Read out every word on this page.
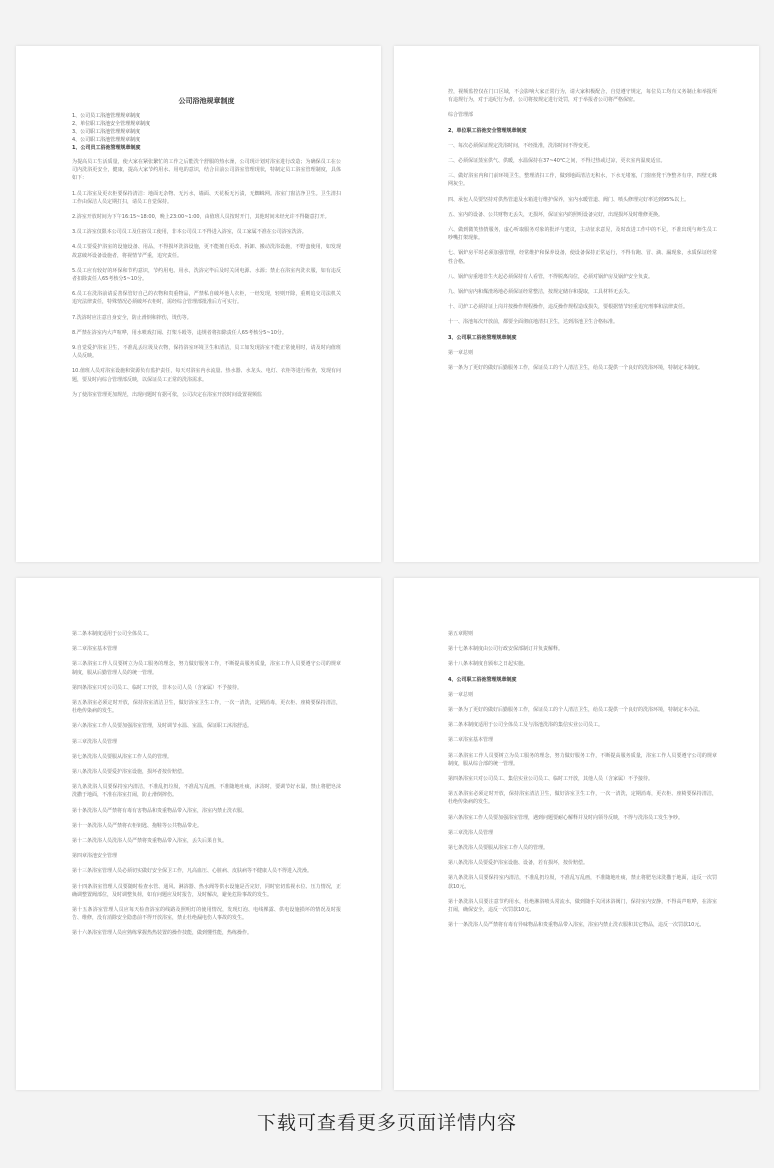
公司浴池规章制度
1、公司员工浴池管理规章制度
2、单位职工浴池安全管理规章制度
3、公司职工浴池管理规章制度
4、公司职工浴池管理规章制度
1、公司员工浴池管理规章制度

为提高员工生活质量，使大家在紧张繁忙的工作之后能洗个舒服的热水澡，公司现计划对浴室进行改造；为确保员工在公司内洗浴更安全，健康，提高大家节约用水、用电的意识，结合目前公司浴室管理现状，特制定员工浴室管理制度，具体如下：

1.员工浴室及更衣柜要保持清洁：地面无杂物、无污水，墙面、天花板无污渍，无蜘蛛网。浴室门窗洁净卫生。卫生清扫工作由保洁人员定期打扫，请员工自觉保持。

2.浴室开放时间为下午16:15~18:00，晚上23:00~1:00，由值班人员按时开门，其他时间未经允许不得随意打开。

3.员工浴室仅限本公司员工及住宿员工使用，非本公司员工不得进入浴室，员工家属不准在公司浴室洗浴。

4.员工要爱护浴室的设施设备、用品，不得损坏洗浴设施，更不能擅自更改、拆卸、搬动洗浴设施，不野蛮使用，如发现故意破坏设备设施者，将视情节严重，追究责任。

5.员工应有较好的环保和节约意识，节约用电、用水，洗浴完毕后及时关闭电源、水源；禁止在浴室内洗衣服，如有违反者扣除责任人65考核分5~10分。

6.员工在洗浴前请妥善保管好自己的衣物和贵重物品，严禁私自破坏他人衣柜，一经发现，轻则开除，重则追交司法机关追究法律责任，特殊情况必须破坏衣柜时，需经综合管理部批准后方可实行。

7.洗浴时应注意自身安全，防止滑倒和摔伤，烫伤等。

8.严禁在浴室内大声喧哗，用水喷戏打闹、打架斗殴等，违规者将扣除责任人65考核分5~10分。

9.自觉爱护浴室卫生，不准乱丢垃圾及衣物，保持浴室环境卫生和清洁，员工如发现浴室不能正常使用时，请及时向值班人员反映。

10.值班人员对浴室设施和资源负有监护责任，每天对浴室内水流量、热水器、水龙头、电灯、衣柜等进行检查，发现有问题，要及时向综合管理部反映，以保证员工正常的洗浴需求。

为了使浴室管理更加规范，出现问题时有据可依，公司决定在浴室开放时间设置视频监

控，视频监控仅在门口区域，不会影响大家正常行为，请大家积极配合，自觉遵守规定，每位员工均有义务制止和举报所有违规行为，对于违纪行为者，公司将按规定进行处罚，对于举报者公司将严格保密。

综合管理部

2、单位职工浴池安全管理规章制度

一、每次必须保证规定洗浴时间，不经批准，洗浴时间不得变更。

二、必须保证蒸室供气、供暖，水温保持在37~40℃之间，不得过热或过凉，更衣室内温度适宜。

三、做好浴室内和门前环境卫生，整理清扫工作，做到地面清洁无积水，下水无堵塞，门窗座凳干净整齐有序，四壁无蛛网灰尘。

四、承包人员要坚持对供热管道及水箱进行维护保养，室内水暖管道、阀门、喷头修理完好率达到95%以上。

五、室内的设备、公共财物无丢失，无损坏，保证室内的照明设备完好，出现损坏及时维修更换。

六、做到微笑热情服务，虚心听取服务对象的批评与建议，主动征求意见，及时改进工作中的不足，不准出现与师生员工吵嘴打架现象。

七、锅炉房平时必须加强管理，经常维护和保养设备，使设备保持正常运行，不得有跑、冒、滴、漏现象，水质保证经常性合格。

八、锅炉房重地非生火起必须保持有人看管，不得脱离岗位，必须对锅炉房及锅炉安全负责。

九、锅炉房内和煤渣场地必须保证经常整洁，按规定储存和提取，工具材料无丢失。

十、司炉工必须持证上岗并按操作规程操作，违反操作规程造成损失，要根据情节轻重追究刑事和法律责任。

十一、浴池每次开放前，都要全面彻底地清扫卫生，达到浴池卫生合格标准。

3、公司职工浴池管理规章制度

第一章总则

第一条为了更好的做好后勤服务工作，保证员工的个人清洁卫生，给员工提供一个良好的洗浴环境，特制定本制度。

第二条本制度适用于公司全体员工。

第二章浴室基本管理

第三条浴室工作人员要树立为员工服务的理念，努力做好服务工作，不断提高服务质量，浴室工作人员要遵守公司的规章制度，服从后勤管理人员的统一管理。

第四条浴室只对公司员工、临时工开放，非本公司人员（含家属）不予接待。

第五条浴室必须定时开放，保持浴室清洁卫生，做好浴室卫生工作，一次一清洗，定期消毒，更衣柜、座椅要保持清洁，杜绝传染病的发生。

第六条浴室工作人员要加强浴室管理，及时调节水温、室温，保证职工沐浴舒适。

第三章洗浴人员管理

第七条洗浴人员要服从浴室工作人员的管理。

第八条洗浴人员要爱护浴室设施，损坏者按价赔偿。

第九条洗浴人员要保持室内清洁，不准乱扔垃圾，不准乱写乱画，不准随地吐痰，沐浴时，要调节好水温，禁止将肥皂沫洗撒于地面，不准在浴室打闹，防止滑倒摔伤。

第十条洗浴人员严禁将有毒有害物品和贵重物品带入浴室，浴室内禁止洗衣服。

第十一条洗浴人员严禁将衣柜钥匙、拖鞋等公共物品带走。

第十二条洗浴人员洗浴人员严禁将贵重物品带入浴室，丢失后果自负。

第四章浴池安全管理

第十三条浴室管理人员必须切实做好安全保卫工作，凡高血压、心脏病、皮肤病等不健康人员不得进入洗澡。

第十四条浴室管理人员要随时检查水管、通风、淋浴器、热水阀等供水设施是否完好，同时密切监视水位、压力情况，正确调整置阀部位，及时调整负荷，如有问题应及时报告，及时解决，避免危险事故的发生。

第十五条浴室管理人员应每天检查浴室的线路及照明灯的使用情况，发现灯泡、电线裸露、供电设施损坏的情况及时报告、维修，没有消除安全隐患前不得开放浴室，禁止杜绝漏电伤人事故的发生。

第十六条浴室管理人员应熟练掌握热热装置的操作技能，做到懂性能，热练操作。

第五章附则

第十七条本制度由公司行政安保部制订并负责解释。

第十八条本制度自颁布之日起实施。

4、公司职工浴池管理规章制度

第一章总则

第一条为了更好的做好后勤服务工作，保证员工的个人清洁卫生，给员工提供一个良好的洗浴环境，特制定本办法。

第二条本制度适用于公司全体员工及与浴池洗浴的集信实业公司员工。

第二章浴室基本管理

第三条浴室工作人员要树立为员工服务的理念，努力做好服务工作，不断提高服务质量，浴室工作人员要遵守公司的规章制度，服从综合部的统一管理。

第四条浴室只对公司员工、集信实业公司员工、临时工开放，其他人员（含家属）不予接待。

第五条浴室必须定时开放，保持浴室清洁卫生，做好浴室卫生工作，一次一清洗，定期消毒，更衣柜、座椅要保持清洁，杜绝传染病的发生。

第六条浴室工作人员要加强浴室管理，遇到问题要耐心解释并及时向领导反映，不得与洗浴员工发生争吵。

第三章洗浴人员管理

第七条洗浴人员要服从浴室工作人员的管理。

第八条洗浴人员要爱护浴室设施、设备，若有损坏，按价赔偿。

第九条洗浴人员要保持室内清洁，不准乱扔垃圾，不准乱写乱画，不准随地吐痰，禁止将肥皂沫洗撒于地面，违反一次罚款10元。

第十条洗浴人员要注意节约用水，杜绝淋浴喷头常流水，做到随手关闭沐浴阀门，保持室内安静，不得高声喧哗，在浴室打闹，确保安全，违反一次罚款10元。

第十一条洗浴人员严禁将有毒有异味物品和贵重物品带入浴室，浴室内禁止洗衣服和其它物品，违反一次罚款10元。

下载可查看更多页面详情内容
